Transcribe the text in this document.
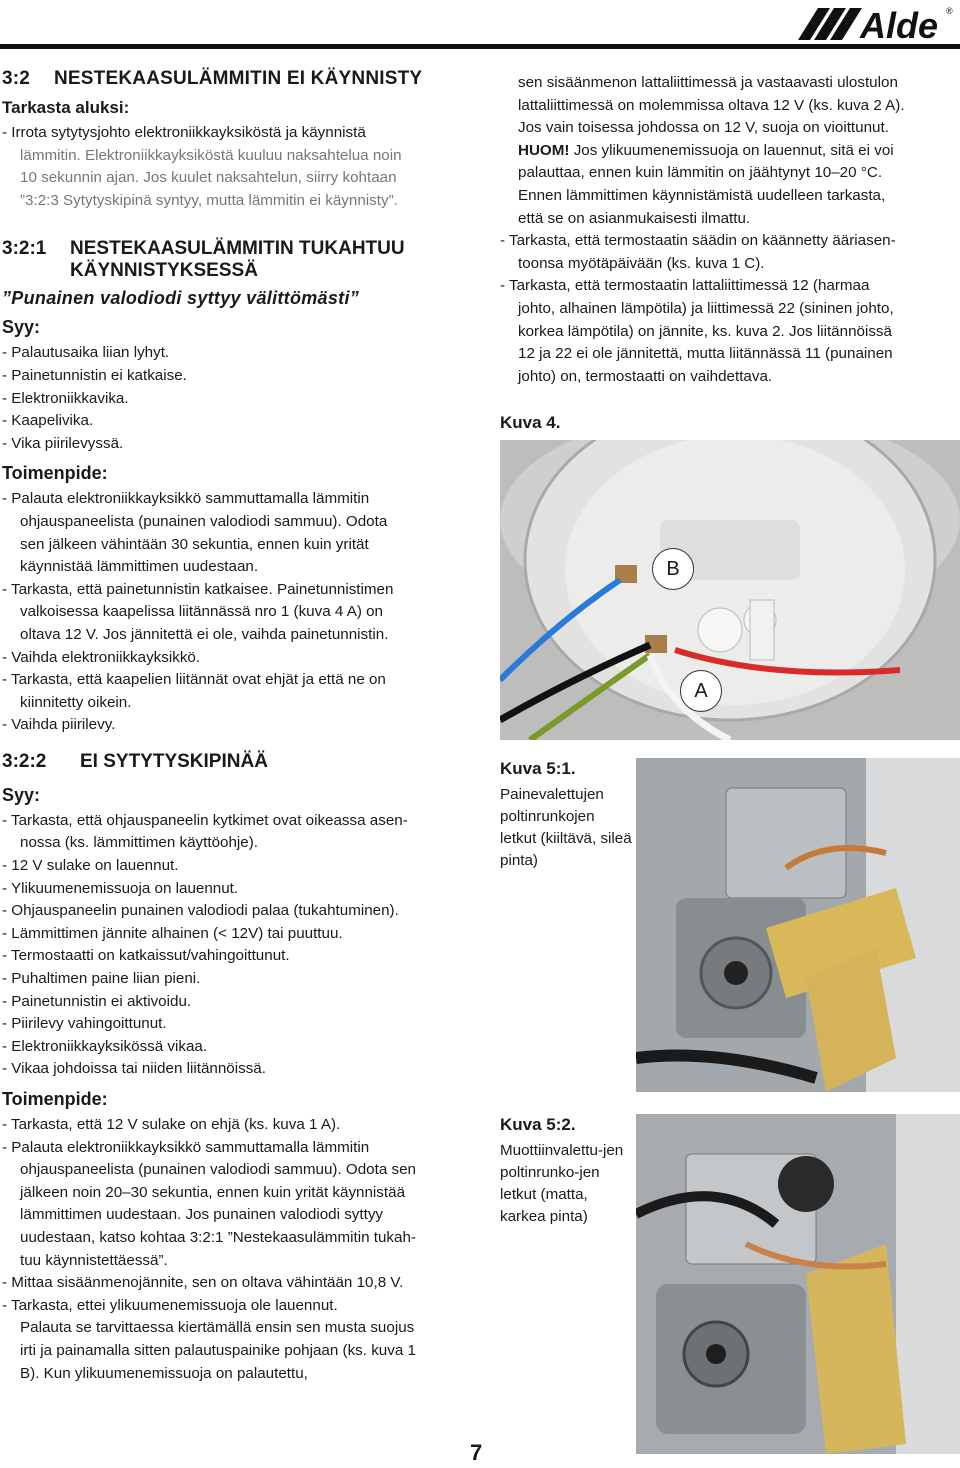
Alde ®
3:2 NESTEKAASULÄMMITIN EI KÄYNNISTY
Tarkasta aluksi:
- Irrota sytytysjohto elektroniikkayksiköstä ja käynnistä
lämmitin. Elektroniikkayksiköstä kuuluu naksahtelua noin
10 sekunnin ajan. Jos kuulet naksahtelun, siirry kohtaan
”3:2:3 Sytytyskipinä syntyy, mutta lämmitin ei käynnisty”.
3:2:1 NESTEKAASULÄMMITIN TUKAHTUU KÄYNNISTYKSESSÄ
”Punainen valodiodi syttyy välittömästi”
Syy:
- Palautusaika liian lyhyt.
- Painetunnistin ei katkaise.
- Elektroniikkavika.
- Kaapelivika.
- Vika piirilevyssä.
Toimenpide:
- Palauta elektroniikkayksikkö sammuttamalla lämmitin
ohjauspaneelista (punainen valodiodi sammuu). Odota
sen jälkeen vähintään 30 sekuntia, ennen kuin yrität
käynnistää lämmittimen uudestaan.
- Tarkasta, että painetunnistin katkaisee. Painetunnistimen
valkoisessa kaapelissa liitännässä nro 1 (kuva 4 A) on
oltava 12 V. Jos jännitettä ei ole, vaihda painetunnistin.
- Vaihda elektroniikkayksikkö.
- Tarkasta, että kaapelien liitännät ovat ehjät ja että ne on
kiinnitetty oikein.
- Vaihda piirilevy.
3:2:2 EI SYTYTYSKIPINÄÄ
Syy:
- Tarkasta, että ohjauspaneelin kytkimet ovat oikeassa asen-
nossa (ks. lämmittimen käyttöohje).
- 12 V sulake on lauennut.
- Ylikuumenemissuoja on lauennut.
- Ohjauspaneelin punainen valodiodi palaa (tukahtuminen).
- Lämmittimen jännite alhainen (< 12V) tai puuttuu.
- Termostaatti on katkaissut/vahingoittunut.
- Puhaltimen paine liian pieni.
- Painetunnistin ei aktivoidu.
- Piirilevy vahingoittunut.
- Elektroniikkayksikössä vikaa.
- Vikaa johdoissa tai niiden liitännöissä.
Toimenpide:
- Tarkasta, että 12 V sulake on ehjä (ks. kuva 1 A).
- Palauta elektroniikkayksikkö sammuttamalla lämmitin
ohjauspaneelista (punainen valodiodi sammuu). Odota sen
jälkeen noin 20–30 sekuntia, ennen kuin yrität käynnistää
lämmittimen uudestaan. Jos punainen valodiodi syttyy
uudestaan, katso kohtaa 3:2:1 ”Nestekaasulämmitin tukah-
tuu käynnistettäessä”.
- Mittaa sisäänmenojännite, sen on oltava vähintään 10,8 V.
- Tarkasta, ettei ylikuumenemissuoja ole lauennut.
Palauta se tarvittaessa kiertämällä ensin sen musta suojus
irti ja painamalla sitten palautuspainike pohjaan (ks. kuva 1
B). Kun ylikuumenemissuoja on palautettu,
sen sisäänmenon lattaliittimessä ja vastaavasti ulostulon
lattaliittimessä on molemmissa oltava 12 V (ks. kuva 2 A).
Jos vain toisessa johdossa on 12 V, suoja on vioittunut.
HUOM! Jos ylikuumenemissuoja on lauennut, sitä ei voi
palauttaa, ennen kuin lämmitin on jäähtynyt 10–20 °C.
Ennen lämmittimen käynnistämistä uudelleen tarkasta,
että se on asianmukaisesti ilmattu.
- Tarkasta, että termostaatin säädin on käännetty ääriasen-
toonsa myötäpäivään (ks. kuva 1 C).
- Tarkasta, että termostaatin lattaliittimessä 12 (harmaa
johto, alhainen lämpötila) ja liittimessä 22 (sininen johto,
korkea lämpötila) on jännite, ks. kuva 2. Jos liitännöissä
12 ja 22 ei ole jännitettä, mutta liitännässä 11 (punainen
johto) on, termostaatti on vaihdettava.
Kuva 4.
B
A
Kuva 5:1.
Painevalettujen poltinrunkojen letkut (kiiltävä, sileä pinta)
Kuva 5:2.
Muottiinvalettu-jen poltinrunko-jen letkut (matta, karkea pinta)
7
